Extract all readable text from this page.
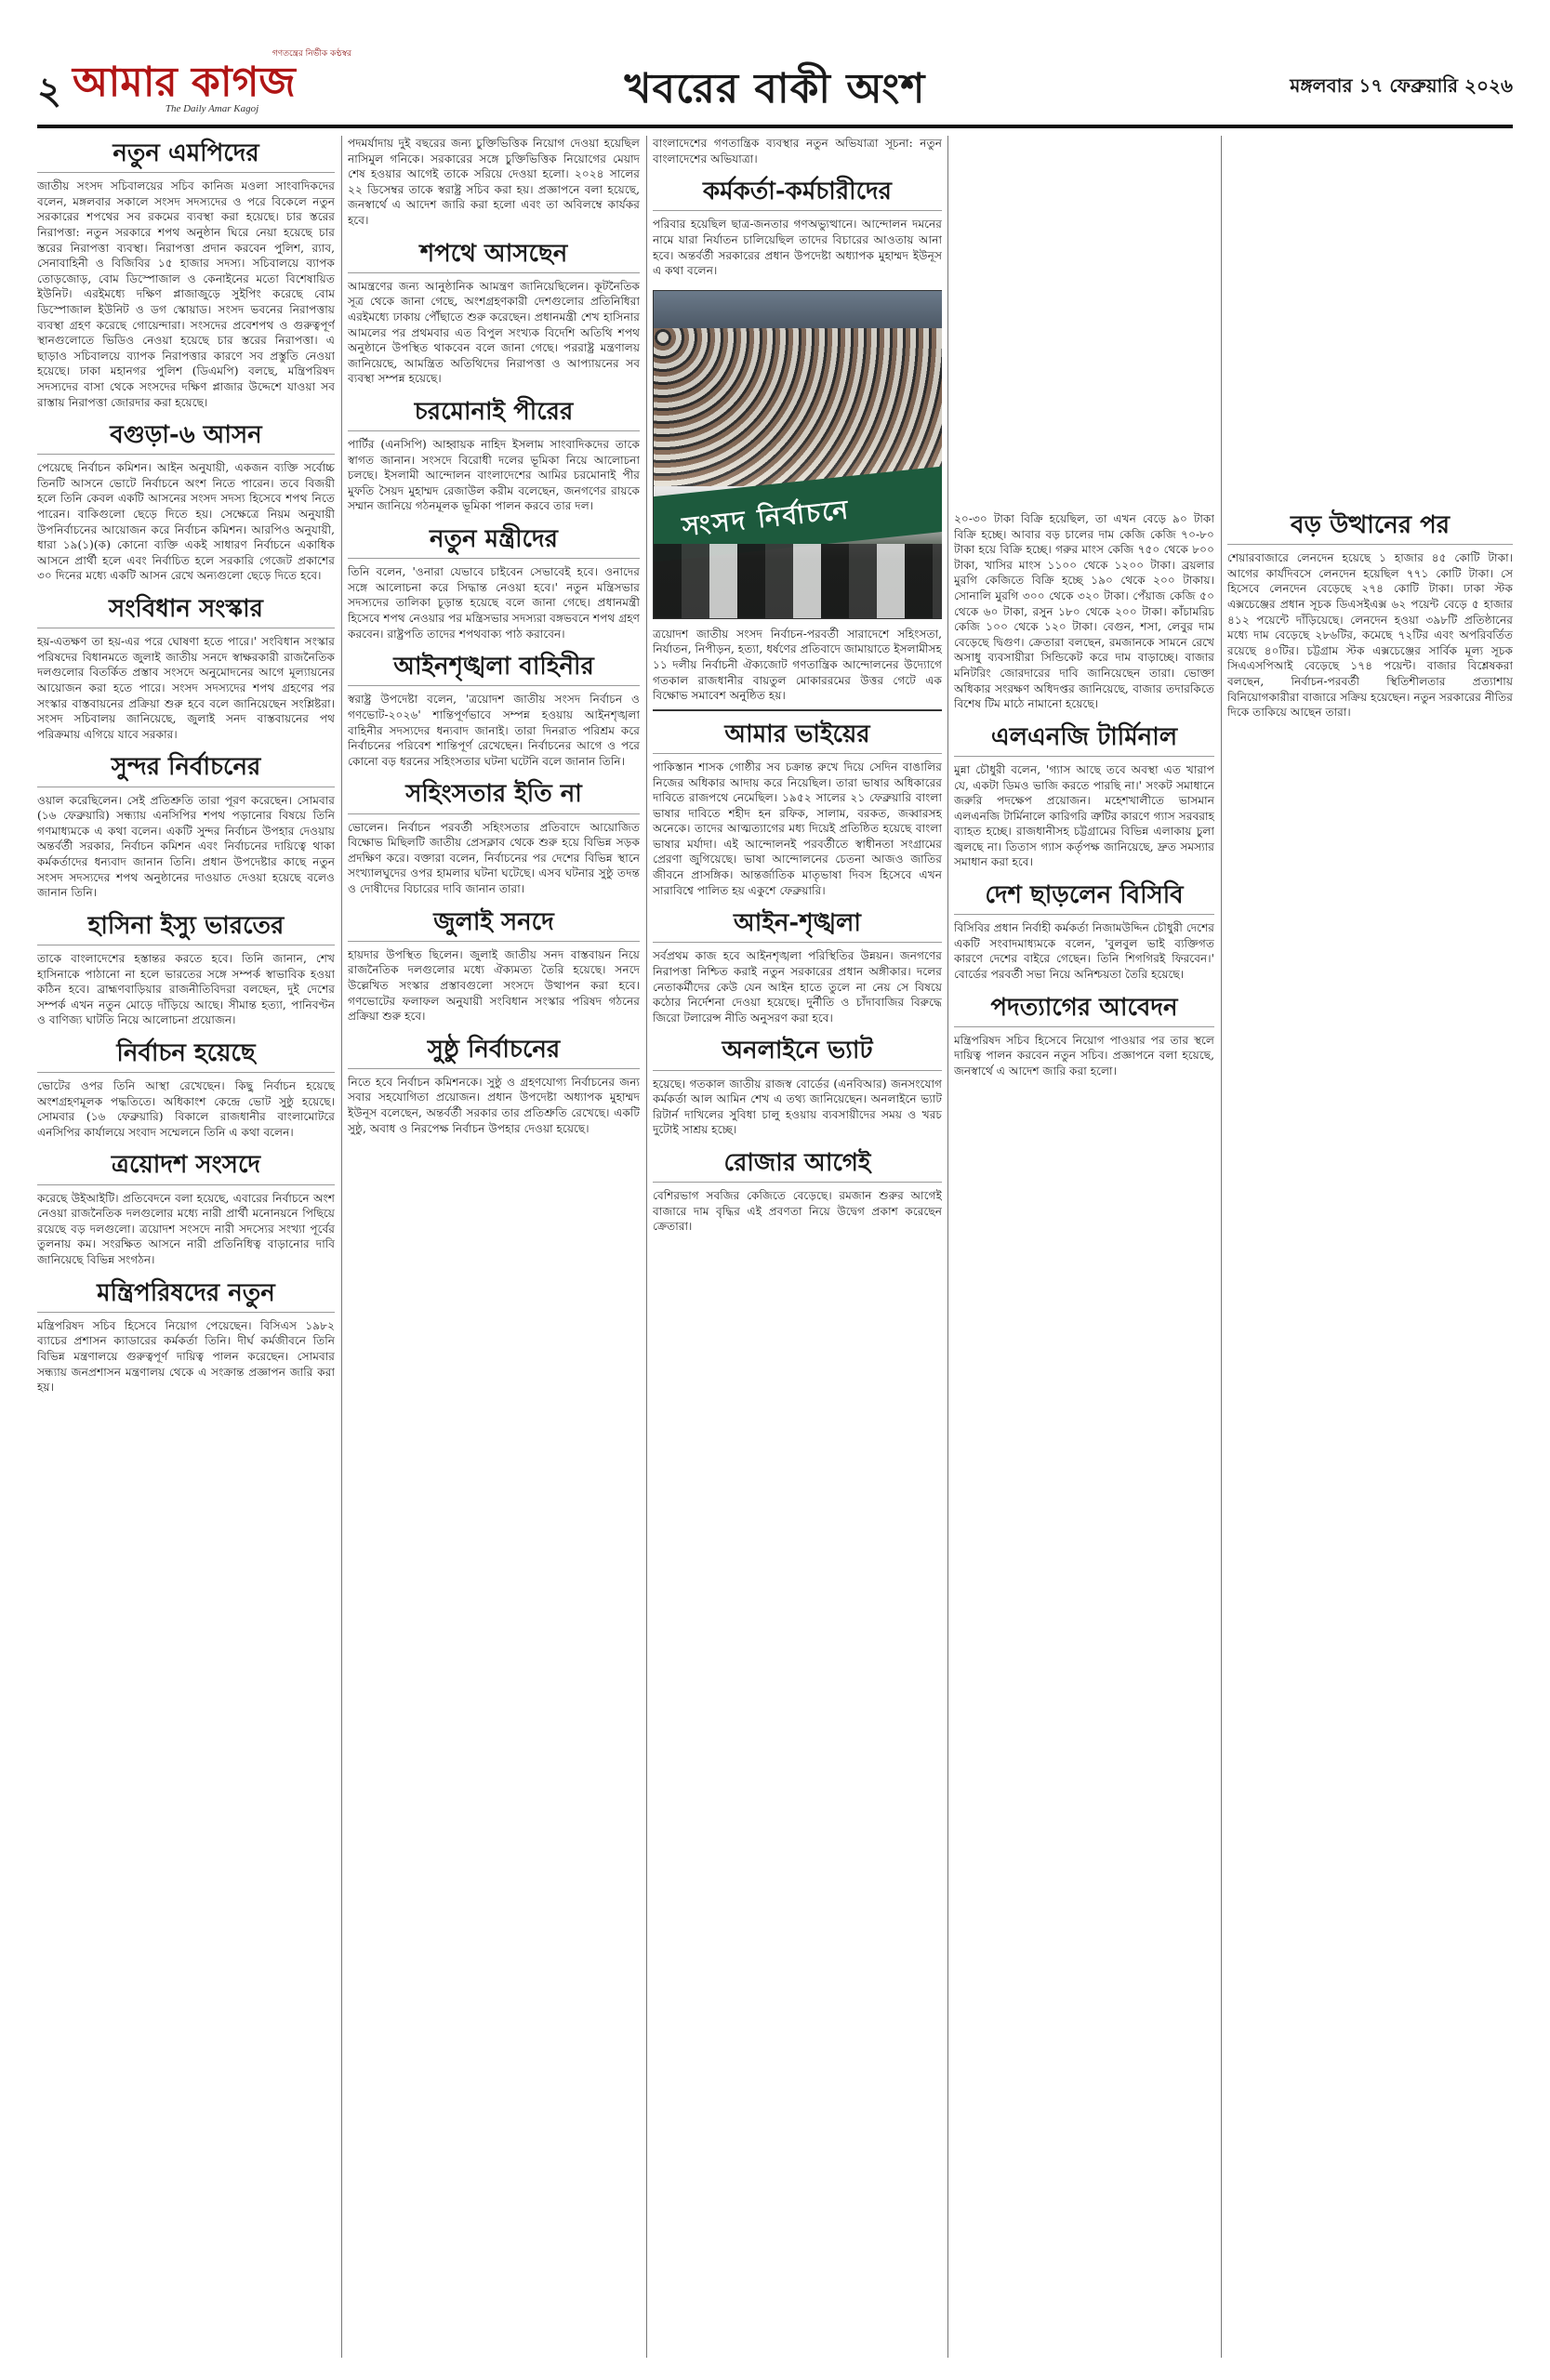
২
গণতন্ত্রের নির্ভীক কণ্ঠস্বর
আমার কাগজ
The Daily Amar Kagoj	খবরের বাকী অংশ	মঙ্গলবার ১৭ ফেব্রুয়ারি ২০২৬
নতুন এমপিদের

জাতীয় সংসদ সচিবালয়ের সচিব কানিজ মওলা সাংবাদিকদের বলেন, মঙ্গলবার সকালে সংসদ সদস্যদের ও পরে বিকেলে নতুন সরকারের শপথের সব রকমের ব্যবস্থা করা হয়েছে। চার স্তরের নিরাপত্তা: নতুন সরকারে শপথ অনুষ্ঠান ঘিরে নেয়া হয়েছে চার স্তরের নিরাপত্তা ব্যবস্থা। নিরাপত্তা প্রদান করবেন পুলিশ, র‍্যাব, সেনাবাহিনী ও বিজিবির ১৫ হাজার সদস্য। সচিবালয়ে ব্যাপক তোড়জোড়, বোম ডিস্পোজাল ও কেনাইনের মতো বিশেষায়িত ইউনিট। এরইমধ্যে দক্ষিণ প্লাজাজুড়ে সুইপিং করেছে বোম ডিস্পোজাল ইউনিট ও ডগ স্কোয়াড। সংসদ ভবনের নিরাপত্তায় ব্যবস্থা গ্রহণ করেছে গোয়েন্দারা। সংসদের প্রবেশপথ ও গুরুত্বপূর্ণ স্থানগুলোতে ভিডিও নেওয়া হয়েছে চার স্তরের নিরাপত্তা। এ ছাড়াও সচিবালয়ে ব্যাপক নিরাপত্তার কারণে সব প্রস্তুতি নেওয়া হয়েছে। ঢাকা মহানগর পুলিশ (ডিএমপি) বলছে, মন্ত্রিপরিষদ সদস্যদের বাসা থেকে সংসদের দক্ষিণ প্লাজার উদ্দেশে যাওয়া সব রাস্তায় নিরাপত্তা জোরদার করা হয়েছে।

বগুড়া-৬ আসন

পেয়েছে নির্বাচন কমিশন। আইন অনুযায়ী, একজন ব্যক্তি সর্বোচ্চ তিনটি আসনে ভোটে নির্বাচনে অংশ নিতে পারেন। তবে বিজয়ী হলে তিনি কেবল একটি আসনের সংসদ সদস্য হিসেবে শপথ নিতে পারেন। বাকিগুলো ছেড়ে দিতে হয়। সেক্ষেত্রে নিয়ম অনুযায়ী উপনির্বাচনের আয়োজন করে নির্বাচন কমিশন। আরপিও অনুযায়ী, ধারা ১৯(১)(ক) কোনো ব্যক্তি একই সাধারণ নির্বাচনে একাধিক আসনে প্রার্থী হলে এবং নির্বাচিত হলে সরকারি গেজেট প্রকাশের ৩০ দিনের মধ্যে একটি আসন রেখে অন্যগুলো ছেড়ে দিতে হবে।

সংবিধান সংস্কার

হয়-এতক্ষণ তা হয়-এর পরে ঘোষণা হতে পারে।' সংবিধান সংস্কার পরিষদের বিধানমতে জুলাই জাতীয় সনদে স্বাক্ষরকারী রাজনৈতিক দলগুলোর বিতর্কিত প্রস্তাব সংসদে অনুমোদনের আগে মূল্যায়নের আয়োজন করা হতে পারে। সংসদ সদস্যদের শপথ গ্রহণের পর সংস্কার বাস্তবায়নের প্রক্রিয়া শুরু হবে বলে জানিয়েছেন সংশ্লিষ্টরা। সংসদ সচিবালয় জানিয়েছে, জুলাই সনদ বাস্তবায়নের পথ পরিক্রমায় এগিয়ে যাবে সরকার।

সুন্দর নির্বাচনের

ওয়াল করেছিলেন। সেই প্রতিশ্রুতি তারা পূরণ করেছেন। সোমবার (১৬ ফেব্রুয়ারি) সন্ধ্যায় এনসিপির শপথ পড়ানোর বিষয়ে তিনি গণমাধ্যমকে এ কথা বলেন। একটি সুন্দর নির্বাচন উপহার দেওয়ায় অন্তর্বর্তী সরকার, নির্বাচন কমিশন এবং নির্বাচনের দায়িত্বে থাকা কর্মকর্তাদের ধন্যবাদ জানান তিনি। প্রধান উপদেষ্টার কাছে নতুন সংসদ সদস্যদের শপথ অনুষ্ঠানের দাওয়াত দেওয়া হয়েছে বলেও জানান তিনি।

হাসিনা ইস্যু ভারতের

তাকে বাংলাদেশের হস্তান্তর করতে হবে। তিনি জানান, শেখ হাসিনাকে পাঠানো না হলে ভারতের সঙ্গে সম্পর্ক স্বাভাবিক হওয়া কঠিন হবে। ব্রাহ্মণবাড়িয়ার রাজনীতিবিদরা বলছেন, দুই দেশের সম্পর্ক এখন নতুন মোড়ে দাঁড়িয়ে আছে। সীমান্ত হত্যা, পানিবণ্টন ও বাণিজ্য ঘাটতি নিয়ে আলোচনা প্রয়োজন।

নির্বাচন হয়েছে

ভোটের ওপর তিনি আস্থা রেখেছেন। কিছু নির্বাচন হয়েছে অংশগ্রহণমূলক পদ্ধতিতে। অধিকাংশ কেন্দ্রে ভোট সুষ্ঠু হয়েছে। সোমবার (১৬ ফেব্রুয়ারি) বিকালে রাজধানীর বাংলামোটরে এনসিপির কার্যালয়ে সংবাদ সম্মেলনে তিনি এ কথা বলেন।

ত্রয়োদশ সংসদে

করেছে উইআইটি। প্রতিবেদনে বলা হয়েছে, এবারের নির্বাচনে অংশ নেওয়া রাজনৈতিক দলগুলোর মধ্যে নারী প্রার্থী মনোনয়নে পিছিয়ে রয়েছে বড় দলগুলো। ত্রয়োদশ সংসদে নারী সদস্যের সংখ্যা পূর্বের তুলনায় কম। সংরক্ষিত আসনে নারী প্রতিনিধিত্ব বাড়ানোর দাবি জানিয়েছে বিভিন্ন সংগঠন।

মন্ত্রিপরিষদের নতুন

মন্ত্রিপরিষদ সচিব হিসেবে নিয়োগ পেয়েছেন। বিসিএস ১৯৮২ ব্যাচের প্রশাসন ক্যাডারের কর্মকর্তা তিনি। দীর্ঘ কর্মজীবনে তিনি বিভিন্ন মন্ত্রণালয়ে গুরুত্বপূর্ণ দায়িত্ব পালন করেছেন। সোমবার সন্ধ্যায় জনপ্রশাসন মন্ত্রণালয় থেকে এ সংক্রান্ত প্রজ্ঞাপন জারি করা হয়।

পদমর্যাদায় দুই বছরের জন্য চুক্তিভিত্তিক নিয়োগ দেওয়া হয়েছিল নাসিমুল গনিকে। সরকারের সঙ্গে চুক্তিভিত্তিক নিয়োগের মেয়াদ শেষ হওয়ার আগেই তাকে সরিয়ে দেওয়া হলো। ২০২৪ সালের ২২ ডিসেম্বর তাকে স্বরাষ্ট্র সচিব করা হয়। প্রজ্ঞাপনে বলা হয়েছে, জনস্বার্থে এ আদেশ জারি করা হলো এবং তা অবিলম্বে কার্যকর হবে।

শপথে আসছেন

আমন্ত্রণের জন্য আনুষ্ঠানিক আমন্ত্রণ জানিয়েছিলেন। কূটনৈতিক সূত্র থেকে জানা গেছে, অংশগ্রহণকারী দেশগুলোর প্রতিনিধিরা এরইমধ্যে ঢাকায় পৌঁছাতে শুরু করেছেন। প্রধানমন্ত্রী শেখ হাসিনার আমলের পর প্রথমবার এত বিপুল সংখ্যক বিদেশি অতিথি শপথ অনুষ্ঠানে উপস্থিত থাকবেন বলে জানা গেছে। পররাষ্ট্র মন্ত্রণালয় জানিয়েছে, আমন্ত্রিত অতিথিদের নিরাপত্তা ও আপ্যায়নের সব ব্যবস্থা সম্পন্ন হয়েছে।

চরমোনাই পীরের

পার্টির (এনসিপি) আহ্বায়ক নাহিদ ইসলাম সাংবাদিকদের তাকে স্বাগত জানান। সংসদে বিরোধী দলের ভূমিকা নিয়ে আলোচনা চলছে। ইসলামী আন্দোলন বাংলাদেশের আমির চরমোনাই পীর মুফতি সৈয়দ মুহাম্মদ রেজাউল করীম বলেছেন, জনগণের রায়কে সম্মান জানিয়ে গঠনমূলক ভূমিকা পালন করবে তার দল।

নতুন মন্ত্রীদের

তিনি বলেন, 'ওনারা যেভাবে চাইবেন সেভাবেই হবে। ওনাদের সঙ্গে আলোচনা করে সিদ্ধান্ত নেওয়া হবে।' নতুন মন্ত্রিসভার সদস্যদের তালিকা চূড়ান্ত হয়েছে বলে জানা গেছে। প্রধানমন্ত্রী হিসেবে শপথ নেওয়ার পর মন্ত্রিসভার সদস্যরা বঙ্গভবনে শপথ গ্রহণ করবেন। রাষ্ট্রপতি তাদের শপথবাক্য পাঠ করাবেন।

আইনশৃঙ্খলা বাহিনীর

স্বরাষ্ট্র উপদেষ্টা বলেন, 'ত্রয়োদশ জাতীয় সংসদ নির্বাচন ও গণভোট-২০২৬' শান্তিপূর্ণভাবে সম্পন্ন হওয়ায় আইনশৃঙ্খলা বাহিনীর সদস্যদের ধন্যবাদ জানাই। তারা দিনরাত পরিশ্রম করে নির্বাচনের পরিবেশ শান্তিপূর্ণ রেখেছেন। নির্বাচনের আগে ও পরে কোনো বড় ধরনের সহিংসতার ঘটনা ঘটেনি বলে জানান তিনি।

সহিংসতার ইতি না

ভোলেন। নির্বাচন পরবর্তী সহিংসতার প্রতিবাদে আয়োজিত বিক্ষোভ মিছিলটি জাতীয় প্রেসক্লাব থেকে শুরু হয়ে বিভিন্ন সড়ক প্রদক্ষিণ করে। বক্তারা বলেন, নির্বাচনের পর দেশের বিভিন্ন স্থানে সংখ্যালঘুদের ওপর হামলার ঘটনা ঘটেছে। এসব ঘটনার সুষ্ঠু তদন্ত ও দোষীদের বিচারের দাবি জানান তারা।

জুলাই সনদে

হায়দার উপস্থিত ছিলেন। জুলাই জাতীয় সনদ বাস্তবায়ন নিয়ে রাজনৈতিক দলগুলোর মধ্যে ঐক্যমত্য তৈরি হয়েছে। সনদে উল্লেখিত সংস্কার প্রস্তাবগুলো সংসদে উত্থাপন করা হবে। গণভোটের ফলাফল অনুযায়ী সংবিধান সংস্কার পরিষদ গঠনের প্রক্রিয়া শুরু হবে।

সুষ্ঠু নির্বাচনের

নিতে হবে নির্বাচন কমিশনকে। সুষ্ঠু ও গ্রহণযোগ্য নির্বাচনের জন্য সবার সহযোগিতা প্রয়োজন। প্রধান উপদেষ্টা অধ্যাপক মুহাম্মদ ইউনূস বলেছেন, অন্তর্বর্তী সরকার তার প্রতিশ্রুতি রেখেছে। একটি সুষ্ঠু, অবাধ ও নিরপেক্ষ নির্বাচন উপহার দেওয়া হয়েছে।

বাংলাদেশের গণতান্ত্রিক ব্যবস্থার নতুন অভিযাত্রা সূচনা: নতুন বাংলাদেশের অভিযাত্রা।

কর্মকর্তা-কর্মচারীদের

পরিবার হয়েছিল ছাত্র-জনতার গণঅভ্যুত্থানে। আন্দোলন দমনের নামে যারা নির্যাতন চালিয়েছিল তাদের বিচারের আওতায় আনা হবে। অন্তর্বর্তী সরকারের প্রধান উপদেষ্টা অধ্যাপক মুহাম্মদ ইউনূস এ কথা বলেন।

সংসদ নির্বাচনে

ত্রয়োদশ জাতীয় সংসদ নির্বাচন-পরবর্তী সারাদেশে সহিংসতা, নির্যাতন, নিপীড়ন, হত্যা, ধর্ষণের প্রতিবাদে জামায়াতে ইসলামীসহ ১১ দলীয় নির্বাচনী ঐক্যজোট গণতান্ত্রিক আন্দোলনের উদ্যোগে গতকাল রাজধানীর বায়তুল মোকাররমের উত্তর গেটে এক বিক্ষোভ সমাবেশ অনুষ্ঠিত হয়।

আমার ভাইয়ের

পাকিস্তান শাসক গোষ্ঠীর সব চক্রান্ত রুখে দিয়ে সেদিন বাঙালির নিজের অধিকার আদায় করে নিয়েছিল। তারা ভাষার অধিকারের দাবিতে রাজপথে নেমেছিল। ১৯৫২ সালের ২১ ফেব্রুয়ারি বাংলা ভাষার দাবিতে শহীদ হন রফিক, সালাম, বরকত, জব্বারসহ অনেকে। তাদের আত্মত্যাগের মধ্য দিয়েই প্রতিষ্ঠিত হয়েছে বাংলা ভাষার মর্যাদা। এই আন্দোলনই পরবর্তীতে স্বাধীনতা সংগ্রামের প্রেরণা জুগিয়েছে। ভাষা আন্দোলনের চেতনা আজও জাতির জীবনে প্রাসঙ্গিক। আন্তর্জাতিক মাতৃভাষা দিবস হিসেবে এখন সারাবিশ্বে পালিত হয় একুশে ফেব্রুয়ারি।

আইন-শৃঙ্খলা

সর্বপ্রথম কাজ হবে আইনশৃঙ্খলা পরিস্থিতির উন্নয়ন। জনগণের নিরাপত্তা নিশ্চিত করাই নতুন সরকারের প্রধান অঙ্গীকার। দলের নেতাকর্মীদের কেউ যেন আইন হাতে তুলে না নেয় সে বিষয়ে কঠোর নির্দেশনা দেওয়া হয়েছে। দুর্নীতি ও চাঁদাবাজির বিরুদ্ধে জিরো টলারেন্স নীতি অনুসরণ করা হবে।

অনলাইনে ভ্যাট

হয়েছে। গতকাল জাতীয় রাজস্ব বোর্ডের (এনবিআর) জনসংযোগ কর্মকর্তা আল আমিন শেখ এ তথ্য জানিয়েছেন। অনলাইনে ভ্যাট রিটার্ন দাখিলের সুবিধা চালু হওয়ায় ব্যবসায়ীদের সময় ও খরচ দুটোই সাশ্রয় হচ্ছে।

রোজার আগেই

বেশিরভাগ সবজির কেজিতে বেড়েছে। রমজান শুরুর আগেই বাজারে দাম বৃদ্ধির এই প্রবণতা নিয়ে উদ্বেগ প্রকাশ করেছেন ক্রেতারা।

২০-৩০ টাকা বিক্রি হয়েছিল, তা এখন বেড়ে ৯০ টাকা বিক্রি হচ্ছে। আবার বড় চালের দাম কেজি কেজি ৭০-৮০ টাকা হয়ে বিক্রি হচ্ছে। গরুর মাংস কেজি ৭৫০ থেকে ৮০০ টাকা, খাসির মাংস ১১০০ থেকে ১২০০ টাকা। ব্রয়লার মুরগি কেজিতে বিক্রি হচ্ছে ১৯০ থেকে ২০০ টাকায়। সোনালি মুরগি ৩০০ থেকে ৩২০ টাকা। পেঁয়াজ কেজি ৫০ থেকে ৬০ টাকা, রসুন ১৮০ থেকে ২০০ টাকা। কাঁচামরিচ কেজি ১০০ থেকে ১২০ টাকা। বেগুন, শসা, লেবুর দাম বেড়েছে দ্বিগুণ। ক্রেতারা বলছেন, রমজানকে সামনে রেখে অসাধু ব্যবসায়ীরা সিন্ডিকেট করে দাম বাড়াচ্ছে। বাজার মনিটরিং জোরদারের দাবি জানিয়েছেন তারা। ভোক্তা অধিকার সংরক্ষণ অধিদপ্তর জানিয়েছে, বাজার তদারকিতে বিশেষ টিম মাঠে নামানো হয়েছে।

এলএনজি টার্মিনাল

মুন্না চৌধুরী বলেন, 'গ্যাস আছে তবে অবস্থা এত খারাপ যে, একটা ডিমও ভাজি করতে পারছি না।' সংকট সমাধানে জরুরি পদক্ষেপ প্রয়োজন। মহেশখালীতে ভাসমান এলএনজি টার্মিনালে কারিগরি ত্রুটির কারণে গ্যাস সরবরাহ ব্যাহত হচ্ছে। রাজধানীসহ চট্টগ্রামের বিভিন্ন এলাকায় চুলা জ্বলছে না। তিতাস গ্যাস কর্তৃপক্ষ জানিয়েছে, দ্রুত সমস্যার সমাধান করা হবে।

দেশ ছাড়লেন বিসিবি

বিসিবির প্রধান নির্বাহী কর্মকর্তা নিজামউদ্দিন চৌধুরী দেশের একটি সংবাদমাধ্যমকে বলেন, 'বুলবুল ভাই ব্যক্তিগত কারণে দেশের বাইরে গেছেন। তিনি শিগগিরই ফিরবেন।' বোর্ডের পরবর্তী সভা নিয়ে অনিশ্চয়তা তৈরি হয়েছে।

পদত্যাগের আবেদন

মন্ত্রিপরিষদ সচিব হিসেবে নিয়োগ পাওয়ার পর তার স্থলে দায়িত্ব পালন করবেন নতুন সচিব। প্রজ্ঞাপনে বলা হয়েছে, জনস্বার্থে এ আদেশ জারি করা হলো।

বড় উত্থানের পর

শেয়ারবাজারে লেনদেন হয়েছে ১ হাজার ৪৫ কোটি টাকা। আগের কার্যদিবসে লেনদেন হয়েছিল ৭৭১ কোটি টাকা। সে হিসেবে লেনদেন বেড়েছে ২৭৪ কোটি টাকা। ঢাকা স্টক এক্সচেঞ্জের প্রধান সূচক ডিএসইএক্স ৬২ পয়েন্ট বেড়ে ৫ হাজার ৪১২ পয়েন্টে দাঁড়িয়েছে। লেনদেন হওয়া ৩৯৮টি প্রতিষ্ঠানের মধ্যে দাম বেড়েছে ২৮৬টির, কমেছে ৭২টির এবং অপরিবর্তিত রয়েছে ৪০টির। চট্টগ্রাম স্টক এক্সচেঞ্জের সার্বিক মূল্য সূচক সিএএসপিআই বেড়েছে ১৭৪ পয়েন্ট। বাজার বিশ্লেষকরা বলছেন, নির্বাচন-পরবর্তী স্থিতিশীলতার প্রত্যাশায় বিনিয়োগকারীরা বাজারে সক্রিয় হয়েছেন। নতুন সরকারের নীতির দিকে তাকিয়ে আছেন তারা।
